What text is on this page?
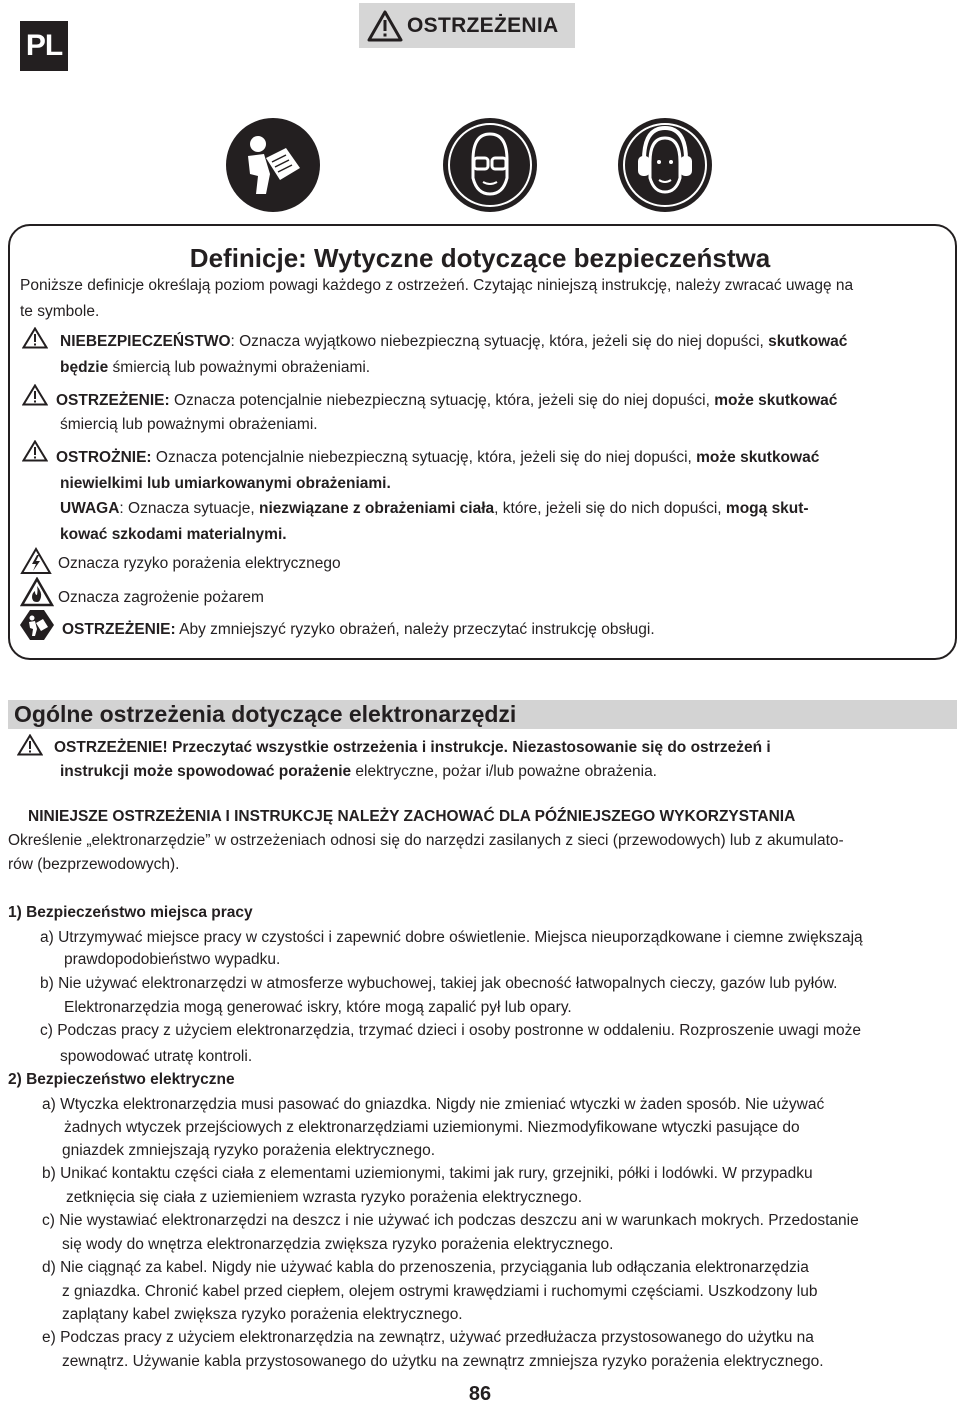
PL
OSTRZEŻENIA
Definicje: Wytyczne dotyczące bezpieczeństwa
Poniższe definicje określają poziom powagi każdego z ostrzeżeń. Czytając niniejszą instrukcję, należy zwracać uwagę na
te symbole.
NIEBEZPIECZEŃSTWO: Oznacza wyjątkowo niebezpieczną sytuację, która, jeżeli się do niej dopuści, skutkować
będzie śmiercią lub poważnymi obrażeniami.
OSTRZEŻENIE: Oznacza potencjalnie niebezpieczną sytuację, która, jeżeli się do niej dopuści, może skutkować
śmiercią lub poważnymi obrażeniami.
OSTROŻNIE: Oznacza potencjalnie niebezpieczną sytuację, która, jeżeli się do niej dopuści, może skutkować
niewielkimi lub umiarkowanymi obrażeniami.
UWAGA: Oznacza sytuacje, niezwiązane z obrażeniami ciała, które, jeżeli się do nich dopuści, mogą skut-
kować szkodami materialnymi.
Oznacza ryzyko porażenia elektrycznego
Oznacza zagrożenie pożarem
OSTRZEŻENIE: Aby zmniejszyć ryzyko obrażeń, należy przeczytać instrukcję obsługi.
Ogólne ostrzeżenia dotyczące elektronarzędzi
OSTRZEŻENIE! Przeczytać wszystkie ostrzeżenia i instrukcje. Niezastosowanie się do ostrzeżeń i
instrukcji może spowodować porażenie elektryczne, pożar i/lub poważne obrażenia.
NINIEJSZE OSTRZEŻENIA I INSTRUKCJĘ NALEŻY ZACHOWAĆ DLA PÓŹNIEJSZEGO WYKORZYSTANIA
Określenie „elektronarzędzie” w ostrzeżeniach odnosi się do narzędzi zasilanych z sieci (przewodowych) lub z akumulato-
rów (bezprzewodowych).
1) Bezpieczeństwo miejsca pracy
a) Utrzymywać miejsce pracy w czystości i zapewnić dobre oświetlenie. Miejsca nieuporządkowane i ciemne zwiększają
prawdopodobieństwo wypadku.
b) Nie używać elektronarzędzi w atmosferze wybuchowej, takiej jak obecność łatwopalnych cieczy, gazów lub pyłów.
Elektronarzędzia mogą generować iskry, które mogą zapalić pył lub opary.
c) Podczas pracy z użyciem elektronarzędzia, trzymać dzieci i osoby postronne w oddaleniu. Rozproszenie uwagi może
spowodować utratę kontroli.
2) Bezpieczeństwo elektryczne
a) Wtyczka elektronarzędzia musi pasować do gniazdka. Nigdy nie zmieniać wtyczki w żaden sposób. Nie używać
żadnych wtyczek przejściowych z elektronarzędziami uziemionymi. Niezmodyfikowane wtyczki pasujące do
gniazdek zmniejszają ryzyko porażenia elektrycznego.
b) Unikać kontaktu części ciała z elementami uziemionymi, takimi jak rury, grzejniki, półki i lodówki. W przypadku
zetknięcia się ciała z uziemieniem wzrasta ryzyko porażenia elektrycznego.
c) Nie wystawiać elektronarzędzi na deszcz i nie używać ich podczas deszczu ani w warunkach mokrych. Przedostanie
się wody do wnętrza elektronarzędzia zwiększa ryzyko porażenia elektrycznego.
d) Nie ciągnąć za kabel. Nigdy nie używać kabla do przenoszenia, przyciągania lub odłączania elektronarzędzia
z gniazdka. Chronić kabel przed ciepłem, olejem ostrymi krawędziami i ruchomymi częściami. Uszkodzony lub
zaplątany kabel zwiększa ryzyko porażenia elektrycznego.
e) Podczas pracy z użyciem elektronarzędzia na zewnątrz, używać przedłużacza przystosowanego do użytku na
zewnątrz. Używanie kabla przystosowanego do użytku na zewnątrz zmniejsza ryzyko porażenia elektrycznego.
86
